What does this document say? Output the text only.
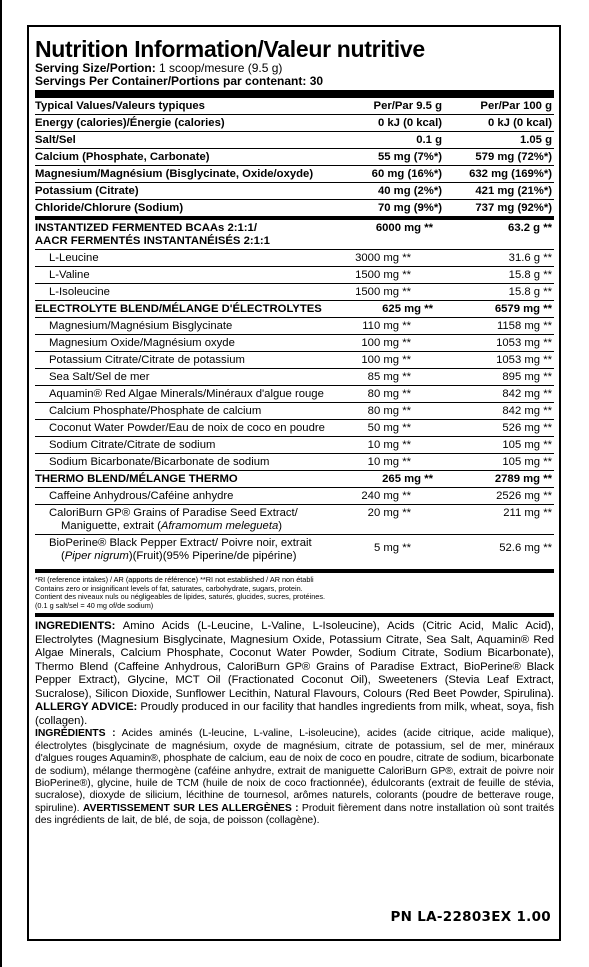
Nutrition Information/Valeur nutritive
Serving Size/Portion: 1 scoop/mesure (9.5 g)
Servings Per Container/Portions par contenant: 30
Typical Values/Valeurs typiques	Per/Par 9.5 g	Per/Par 100 g
Energy (calories)/Énergie (calories)	0 kJ (0 kcal)	0 kJ (0 kcal)
Salt/Sel	0.1 g	1.05 g
Calcium (Phosphate, Carbonate)	55 mg (7%*)	579 mg (72%*)
Magnesium/Magnésium (Bisglycinate, Oxide/oxyde)	60 mg (16%*)	632 mg (169%*)
Potassium (Citrate)	40 mg (2%*)	421 mg (21%*)
Chloride/Chlorure (Sodium)	70 mg (9%*)	737 mg (92%*)
INSTANTIZED FERMENTED BCAAs 2:1:1/
AACR FERMENTÉS INSTANTANÉISÉS 2:1:1	6000 mg **	63.2 g **
L-Leucine	3000 mg **	31.6 g **
L-Valine	1500 mg **	15.8 g **
L-Isoleucine	1500 mg **	15.8 g **
ELECTROLYTE BLEND/MÉLANGE D'ÉLECTROLYTES	625 mg **	6579 mg **
Magnesium/Magnésium Bisglycinate	110 mg **	1158 mg **
Magnesium Oxide/Magnésium oxyde	100 mg **	1053 mg **
Potassium Citrate/Citrate de potassium	100 mg **	1053 mg **
Sea Salt/Sel de mer	85 mg **	895 mg **
Aquamin® Red Algae Minerals/Minéraux d'algue rouge	80 mg **	842 mg **
Calcium Phosphate/Phosphate de calcium	80 mg **	842 mg **
Coconut Water Powder/Eau de noix de coco en poudre	50 mg **	526 mg **
Sodium Citrate/Citrate de sodium	10 mg **	105 mg **
Sodium Bicarbonate/Bicarbonate de sodium	10 mg **	105 mg **
THERMO BLEND/MÉLANGE THERMO	265 mg **	2789 mg **
Caffeine Anhydrous/Caféine anhydre	240 mg **	2526 mg **
CaloriBurn GP® Grains of Paradise Seed Extract/
Maniguette, extrait (Aframomum melegueta)	20 mg **	211 mg **
BioPerine® Black Pepper Extract/ Poivre noir, extrait
(Piper nigrum)(Fruit)(95% Piperine/de pipérine)	5 mg **	52.6 mg **
*RI (reference intakes) / AR (apports de référence) **RI not established / AR non établi
Contains zero or insignificant levels of fat, saturates, carbohydrate, sugars, protein.
Contient des niveaux nuls ou négligeables de lipides, saturés, glucides, sucres, protéines.
(0.1 g salt/sel = 40 mg of/de sodium)
INGREDIENTS: Amino Acids (L-Leucine, L-Valine, L-Isoleucine), Acids (Citric Acid, Malic Acid), Electrolytes (Magnesium Bisglycinate, Magnesium Oxide, Potassium Citrate, Sea Salt, Aquamin® Red Algae Minerals, Calcium Phosphate, Coconut Water Powder, Sodium Citrate, Sodium Bicarbonate), Thermo Blend (Caffeine Anhydrous, CaloriBurn GP® Grains of Paradise Extract, BioPerine® Black Pepper Extract), Glycine, MCT Oil (Fractionated Coconut Oil), Sweeteners (Stevia Leaf Extract, Sucralose), Silicon Dioxide, Sunflower Lecithin, Natural Flavours, Colours (Red Beet Powder, Spirulina). ALLERGY ADVICE: Proudly produced in our facility that handles ingredients from milk, wheat, soya, fish (collagen).
INGRÉDIENTS : Acides aminés (L-leucine, L-valine, L-isoleucine), acides (acide citrique, acide malique), électrolytes (bisglycinate de magnésium, oxyde de magnésium, citrate de potassium, sel de mer, minéraux d'algues rouges Aquamin®, phosphate de calcium, eau de noix de coco en poudre, citrate de sodium, bicarbonate de sodium), mélange thermogène (caféine anhydre, extrait de maniguette CaloriBurn GP®, extrait de poivre noir BioPerine®), glycine, huile de TCM (huile de noix de coco fractionnée), édulcorants (extrait de feuille de stévia, sucralose), dioxyde de silicium, lécithine de tournesol, arômes naturels, colorants (poudre de betterave rouge, spiruline). AVERTISSEMENT SUR LES ALLERGÈNES : Produit fièrement dans notre installation où sont traités des ingrédients de lait, de blé, de soja, de poisson (collagène).
PN LA-22803EX 1.00
